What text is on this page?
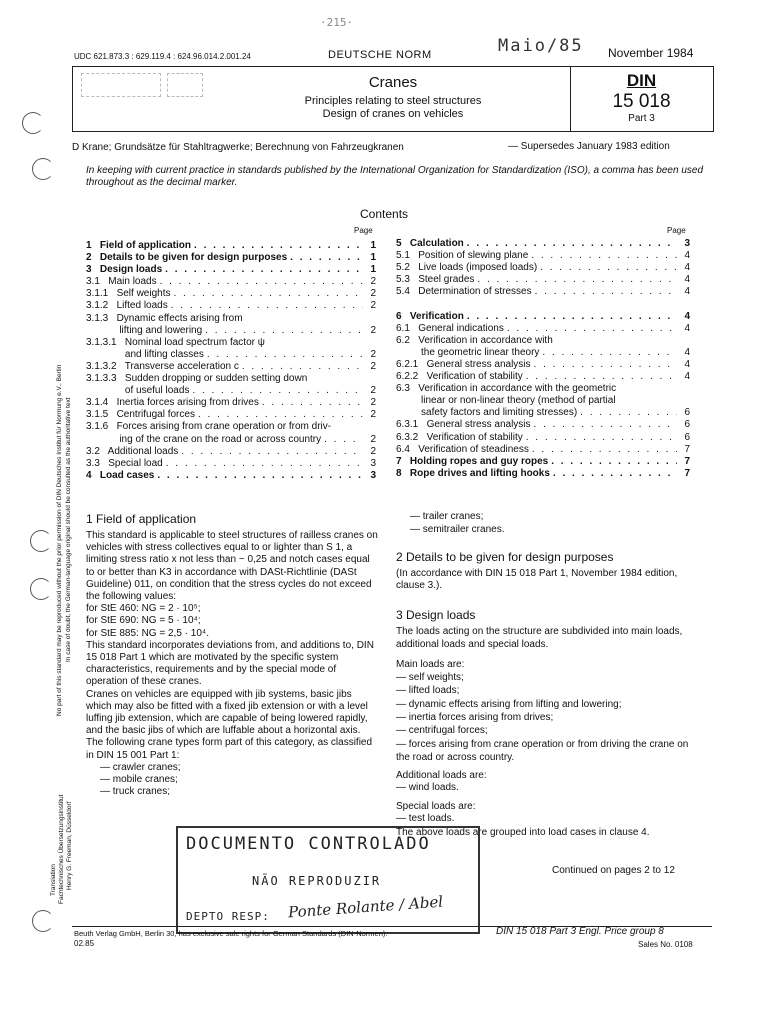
·215·
Maio/85
UDC 621.873.3 : 629.119.4 : 624.96.014.2.001.24	DEUTSCHE NORM	November 1984
Cranes
Principles relating to steel structures
Design of cranes on vehicles
DIN
15 018
Part 3
D Krane; Grundsätze für Stahltragwerke; Berechnung von Fahrzeugkranen	— Supersedes January 1983 edition
In keeping with current practice in standards published by the International Organization for Standardization (ISO), a comma has been used throughout as the decimal marker.
Contents
Page	Page
1   Field of application . . .	1
2   Details to be given for design purposes . . .	1
3   Design loads . . .	1
3.1   Main loads . . .	2
3.1.1   Self weights . . .	2
3.1.2   Lifted loads . . .	2
3.1.3   Dynamic effects arising from
lifting and lowering . . .	2
3.1.3.1   Nominal load spectrum factor ψ
and lifting classes . . .	2
3.1.3.2   Transverse acceleration c . . .	2
3.1.3.3   Sudden dropping or sudden setting down
of useful loads . . .	2
3.1.4   Inertia forces arising from drives . . .	2
3.1.5   Centrifugal forces . . .	2
3.1.6   Forces arising from crane operation or from driv-
ing of the crane on the road or across country . . .	2
3.2   Additional loads . . .	2
3.3   Special load . . .	3
4   Load cases . . .	3
5   Calculation . . .	3
5.1   Position of slewing plane . . .	4
5.2   Live loads (imposed loads) . . .	4
5.3   Steel grades . . .	4
5.4   Determination of stresses . . .	4
6   Verification . . .	4
6.1   General indications . . .	4
6.2   Verification in accordance with
the geometric linear theory . . .	4
6.2.1   General stress analysis . . .	4
6.2.2   Verification of stability . . .	4
6.3   Verification in accordance with the geometric
linear or non-linear theory (method of partial
safety factors and limiting stresses) . . .	6
6.3.1   General stress analysis . . .	6
6.3.2   Verification of stability . . .	6
6.4   Verification of steadiness . . .	7
7   Holding ropes and guy ropes . . .	7
8   Rope drives and lifting hooks . . .	7
1 Field of application
This standard is applicable to steel structures of railless cranes on vehicles with stress collectives equal to or lighter than S 1, a limiting stress ratio x not less than − 0,25 and notch cases equal to or better than K3 in accordance with DASt-Richtlinie (DASt Guideline) 011, on condition that the stress cycles do not exceed the following values:
for StE 460: NG = 2 · 10⁵;
for StE 690: NG = 5 · 10⁴;
for StE 885: NG = 2,5 · 10⁴.
This standard incorporates deviations from, and additions to, DIN 15 018 Part 1 which are motivated by the specific system characteristics, requirements and by the special mode of operation of these cranes.
Cranes on vehicles are equipped with jib systems, basic jibs which may also be fitted with a fixed jib extension or with a level luffing jib extension, which are capable of being lowered rapidly, and the basic jibs of which are luffable about a horizontal axis.
The following crane types form part of this category, as classified in DIN 15 001 Part 1:
— crawler cranes;
— mobile cranes;
— truck cranes;
— trailer cranes;
— semitrailer cranes.
2 Details to be given for design purposes
(In accordance with DIN 15 018 Part 1, November 1984 edition, clause 3.).
3 Design loads
The loads acting on the structure are subdivided into main loads, additional loads and special loads.
Main loads are:
— self weights;
— lifted loads;
— dynamic effects arising from lifting and lowering;
— inertia forces arising from drives;
— centrifugal forces;
— forces arising from crane operation or from driving the crane on the road or across country.
Additional loads are:
— wind loads.
Special loads are:
— test loads.
The above loads are grouped into load cases in clause 4.
Continued on pages 2 to 12
DOCUMENTO CONTROLADO
NÃO REPRODUZIR
DEPTO RESP: Ponte Rolante / Abel
Beuth Verlag GmbH, Berlin 30, has exclusive sale rights for German Standards (DIN-Normen).
02.85
DIN 15 018 Part 3 Engl. Price group 8
Sales No. 0108
No part of this standard may be reproduced without the prior permission of DIN Deutsches Institut für Normung e.V., Berlin In case of doubt, the German-language original should be consulted as the authoritative text
Translation Fachtechnisches Übersetzungsinstitut Henry G. Freeman, Düsseldorf
